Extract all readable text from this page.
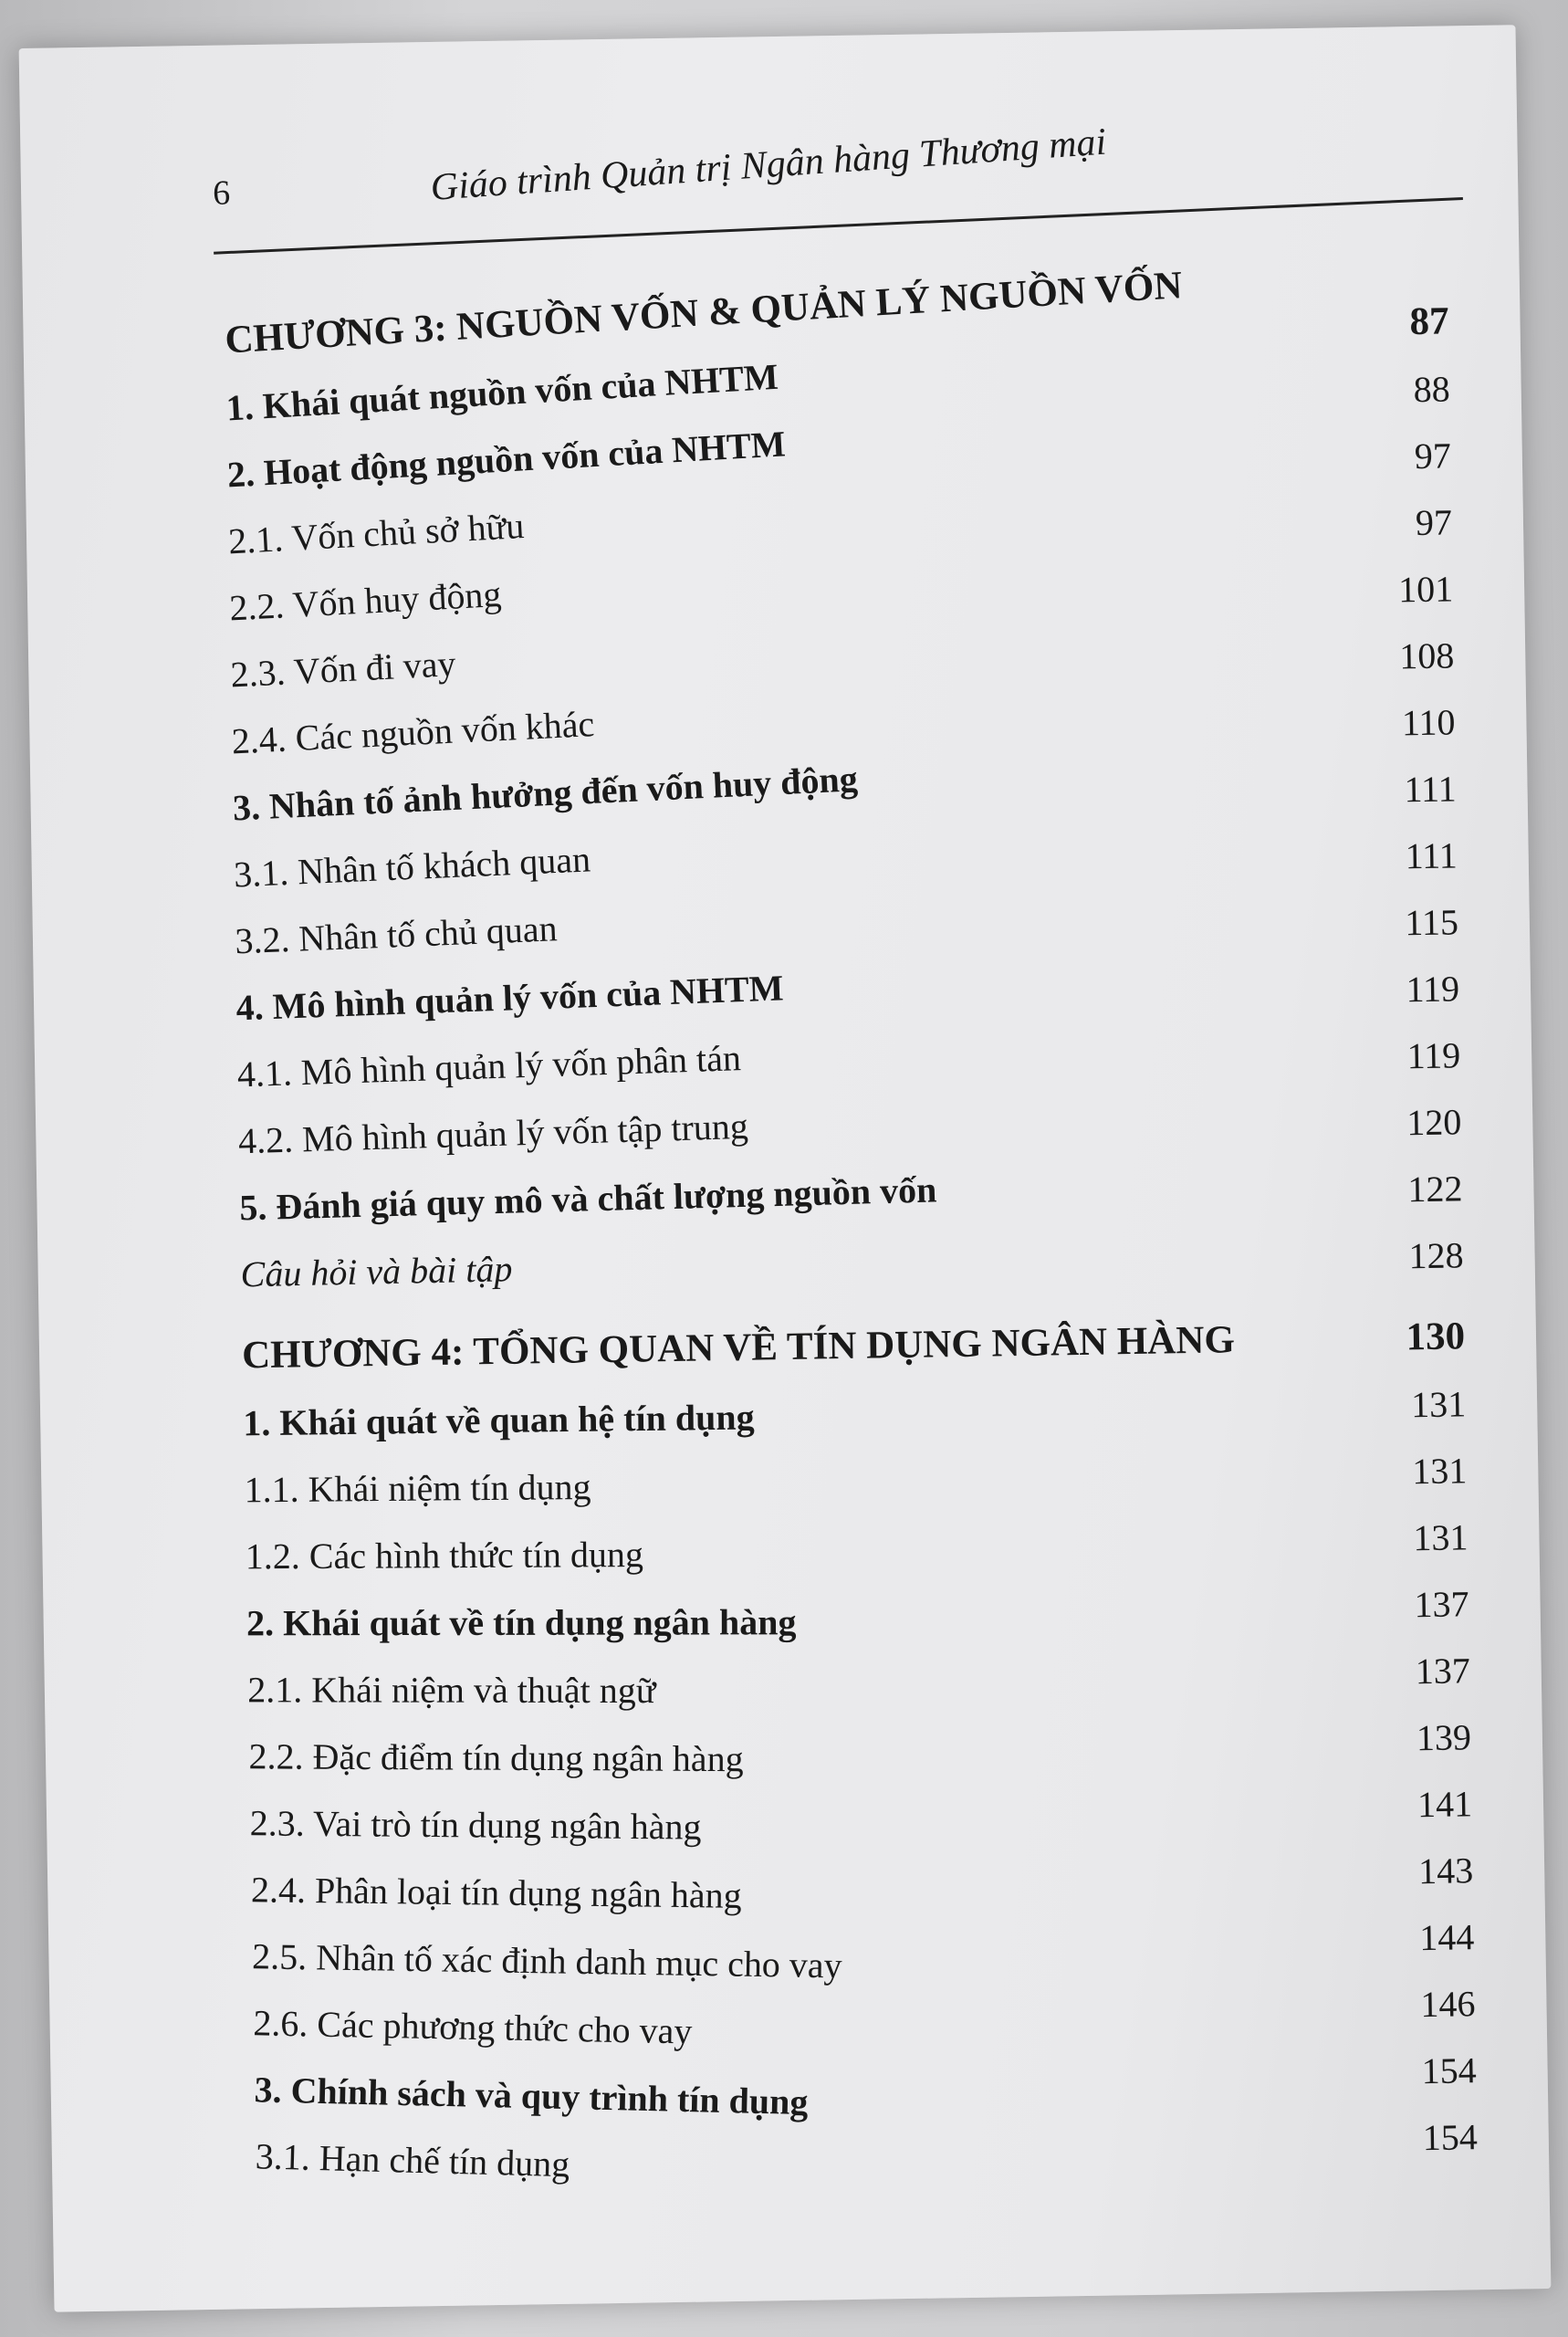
6	Giáo trình Quản trị Ngân hàng Thương mại
CHƯƠNG 3: NGUỒN VỐN & QUẢN LÝ NGUỒN VỐN	87
1. Khái quát nguồn vốn của NHTM	88
2. Hoạt động nguồn vốn của NHTM	97
2.1. Vốn chủ sở hữu	97
2.2. Vốn huy động	101
2.3. Vốn đi vay	108
2.4. Các nguồn vốn khác	110
3. Nhân tố ảnh hưởng đến vốn huy động	111
3.1. Nhân tố khách quan	111
3.2. Nhân tố chủ quan	115
4. Mô hình quản lý vốn của NHTM	119
4.1. Mô hình quản lý vốn phân tán	119
4.2. Mô hình quản lý vốn tập trung	120
5. Đánh giá quy mô và chất lượng nguồn vốn	122
Câu hỏi và bài tập	128
CHƯƠNG 4: TỔNG QUAN VỀ TÍN DỤNG NGÂN HÀNG	130
1. Khái quát về quan hệ tín dụng	131
1.1. Khái niệm tín dụng	131
1.2. Các hình thức tín dụng	131
2. Khái quát về tín dụng ngân hàng	137
2.1. Khái niệm và thuật ngữ	137
2.2. Đặc điểm tín dụng ngân hàng	139
2.3. Vai trò tín dụng ngân hàng	141
2.4. Phân loại tín dụng ngân hàng	143
2.5. Nhân tố xác định danh mục cho vay	144
2.6. Các phương thức cho vay	146
3. Chính sách và quy trình tín dụng	154
3.1. Hạn chế tín dụng	154
